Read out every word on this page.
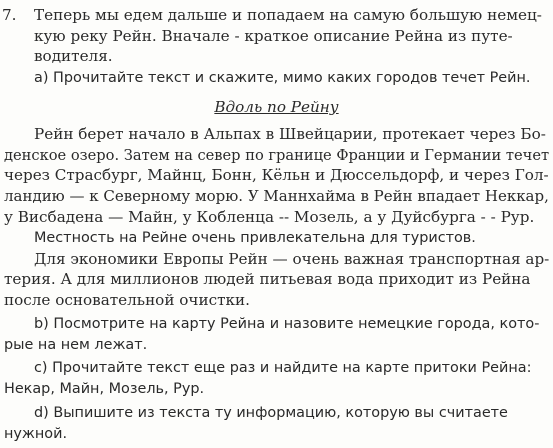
7. Теперь мы едем дальше и попадаем на самую большую немец-
кую реку Рейн. Вначале - краткое описание Рейна из путе-
водителя.
а) Прочитайте текст и скажите, мимо каких городов течет Рейн.
Вдоль по Рейну
Рейн берет начало в Альпах в Швейцарии, протекает через Бо-
денское озеро. Затем на север по границе Франции и Германии течет
через Страсбург, Майнц, Бонн, Кёльн и Дюссельдорф, и через Гол-
ландию — к Северному морю. У Маннхайма в Рейн впадает Неккар,
у Висбадена — Майн, у Кобленца -- Мозель, а у Дуйсбурга - - Рур.
Местность на Рейне очень привлекательна для туристов.
Для экономики Европы Рейн — очень важная транспортная ар-
терия. А для миллионов людей питьевая вода приходит из Рейна
после основательной очистки.
b) Посмотрите на карту Рейна и назовите немецкие города, кото-
рые на нем лежат.
с) Прочитайте текст еще раз и найдите на карте притоки Рейна:
Некар, Майн, Мозель, Рур.
d) Выпишите из текста ту информацию, которую вы считаете
нужной.
